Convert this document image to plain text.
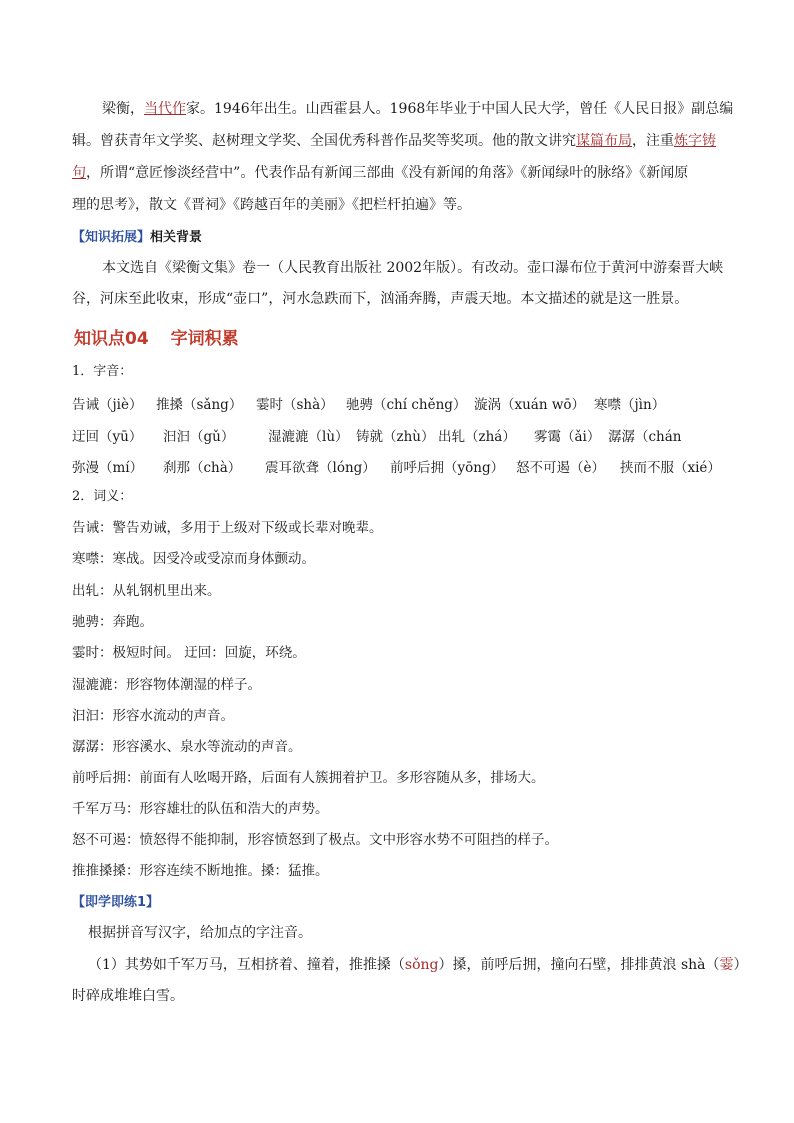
梁衡，当代作家。1946年出生。山西霍县人。1968年毕业于中国人民大学，曾任《人民日报》副总编
辑。曾获青年文学奖、赵树理文学奖、全国优秀科普作品奖等奖项。他的散文讲究谋篇布局，注重炼字铸
句，所谓“意匠惨淡经营中”。代表作品有新闻三部曲《没有新闻的角落》《新闻绿叶的脉络》《新闻原
理的思考》，散文《晋祠》《跨越百年的美丽》《把栏杆拍遍》等。
【知识拓展】相关背景
本文选自《梁衡文集》卷一（人民教育出版社 2002年版）。有改动。壶口瀑布位于黄河中游秦晋大峡
谷，河床至此收束，形成“壶口”，河水急跌而下，汹涌奔腾，声震天地。本文描述的就是这一胜景。
知识点04 字词积累
1．字音：
告诫（jiè） 推搡（sǎng） 霎时（shà） 驰骋（chí chěng） 漩涡（xuán wō） 寒噤（jìn）
迂回（yū） 汩汩（gǔ） 湿漉漉（lù） 铸就（zhù） 出轧（zhá） 雾霭（ǎi） 潺潺（chán
弥漫（mí） 刹那（chà） 震耳欲聋（lóng） 前呼后拥（yōng） 怒不可遏（è） 挟而不服（xié）
2．词义：
告诫：警告劝诫，多用于上级对下级或长辈对晚辈。
寒噤：寒战。因受冷或受凉而身体颤动。
出轧：从轧钢机里出来。
驰骋：奔跑。
霎时：极短时间。 迂回：回旋，环绕。
湿漉漉：形容物体潮湿的样子。
汩汩：形容水流动的声音。
潺潺：形容溪水、泉水等流动的声音。
前呼后拥：前面有人吆喝开路，后面有人簇拥着护卫。多形容随从多，排场大。
千军万马：形容雄壮的队伍和浩大的声势。
怒不可遏：愤怒得不能抑制，形容愤怒到了极点。文中形容水势不可阻挡的样子。
推推搡搡：形容连续不断地推。搡：猛推。
【即学即练1】
根据拼音写汉字，给加点的字注音。
（1）其势如千军万马，互相挤着、撞着，推推搡（sǒng）搡，前呼后拥，撞向石壁，排排黄浪 shà（霎）
时碎成堆堆白雪。
